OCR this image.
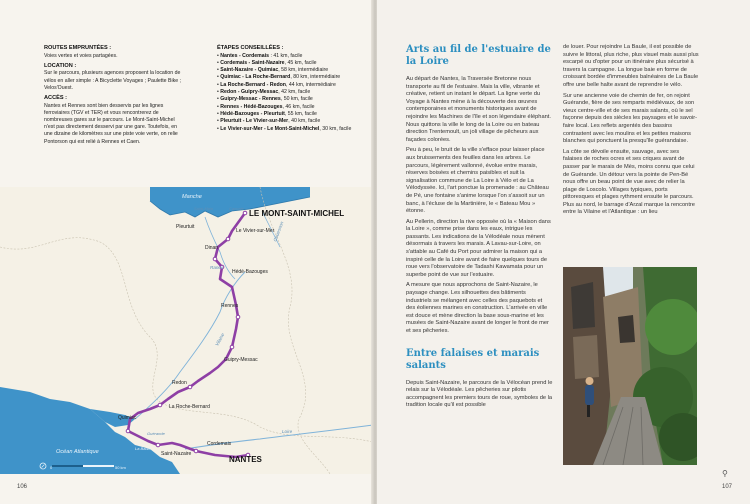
ROUTES EMPRUNTÉES :

Voies vertes et voies partagées.

LOCATION :

Sur le parcours, plusieurs agences proposent la location de vélos en aller simple : A Bicyclette Voyages ; Paulette Bike ; Velos'Ouest.

ACCÈS :

Nantes et Rennes sont bien desservis par les lignes ferroviaires (TGV et TER) et vous rencontrerez de nombreuses gares sur le parcours. Le Mont-Saint-Michel n'est pas directement desservi par une gare. Toutefois, en une dizaine de kilomètres sur une piste voie verte, on relie Pontorson qui est relié à Rennes et Caen.

ÉTAPES CONSEILLÉES :
• Nantes - Cordemais : 41 km, facile
• Cordemais - Saint-Nazaire, 45 km, facile
• Saint-Nazaire - Quimiac, 58 km, intermédiaire
• Quimiac - La Roche-Bernard, 80 km, intermédiaire
• La Roche-Bernard - Redon, 44 km, intermédiaire
• Redon - Guipry-Messac, 42 km, facile
• Guipry-Messac - Rennes, 50 km, facile
• Rennes - Hédé-Bazouges, 46 km, facile
• Hédé-Bazouges - Pleurtuit, 55 km, facile
• Pleurtuit - Le Vivier-sur-Mer, 40 km, facile
• Le Vivier-sur-Mer - Le Mont-Saint-Michel, 30 km, facile
Manche
Saint-Malo	Cancale
LE MONT-SAINT-MICHEL
Le Vivier-sur-Mer
Pleurtuit
Dinan
Rance
Couesnon
Hédé-Bazouges
Rennes
Vilaine
Guipry-Messac
Redon
La Roche-Bernard
Quimiac
Guérande
La Baule
Saint-Nazaire
Cordemais
Loire
NANTES
Océan Atlantique
0	50 km
106
Arts au fil de l'estuaire de la Loire

Au départ de Nantes, la Traversée Bretonne nous transporte au fil de l'estuaire. Mais la ville, vibrante et créative, retient un instant le départ. La ligne verte du Voyage à Nantes mène à la découverte des œuvres contemporaines et monuments historiques avant de rejoindre les Machines de l'île et son légendaire éléphant. Nous quittons la ville le long de la Loire ou en bateau direction Trentemoult, un joli village de pêcheurs aux façades colorées.

Peu à peu, le bruit de la ville s'efface pour laisser place aux bruissements des feuilles dans les arbres. Le parcours, légèrement vallonné, évolue entre marais, réserves boisées et chemins paisibles et suit la signalisation commune de La Loire à Vélo et de La Vélodyssée. Ici, l'art ponctue la promenade : au Château de Pé, une fontaine s'anime lorsque l'on s'assoit sur un banc, à l'écluse de la Martinière, le « Bateau Mou » étonne.

Au Pellerin, direction la rive opposée où la « Maison dans la Loire », comme prise dans les eaux, intrigue les passants. Les indications de la Vélodéale nous mènent désormais à travers les marais. A Lavau-sur-Loire, on s'attable au Café du Port pour admirer la maison qui a inspiré celle de la Loire avant de faire quelques tours de roue vers l'observatoire de Tadashi Kawamata pour un superbe point de vue sur l'estuaire.

A mesure que nous approchons de Saint-Nazaire, le paysage change. Les silhouettes des bâtiments industriels se mélangent avec celles des paquebots et des éoliennes marines en construction. L'arrivée en ville est douce et mène direction la base sous-marine et les musées de Saint-Nazaire avant de longer le front de mer et ses pêcheries.

Entre falaises et marais salants

Depuis Saint-Nazaire, le parcours de la Vélocéan prend le relais sur la Vélodéale. Les pêcheries sur pilotis accompagnent les premiers tours de roue, symboles de la tradition locale qu'il est possible

de louer. Pour rejoindre La Baule, il est possible de suivre le littoral, plus riche, plus visuel mais aussi plus escarpé ou d'opter pour un itinéraire plus sécurisé à travers la campagne. La longue baie en forme de croissant bordée d'immeubles balnéaires de La Baule offre une belle halte avant de reprendre le vélo.

Sur une ancienne voie de chemin de fer, on rejoint Guérande, fière de ses remparts médiévaux, de son vieux centre-ville et de ses marais salants, où le sel façonne depuis des siècles les paysages et le savoir-faire local. Les reflets argentés des bassins contrastent avec les moulins et les petites maisons blanches qui ponctuent la presqu'île guérandaise.

La côte se dévoile ensuite, sauvage, avec ses falaises de roches ocres et ses criques avant de passer par le marais de Mès, moins connu que celui de Guérande. Un détour vers la pointe de Pen-Bé nous offre un beau point de vue avec de relier la plage de Loscolo. Villages typiques, ports pittoresques et plages rythment ensuite le parcours. Plus au nord, le barrage d'Arzal marque la rencontre entre la Vilaine et l'Atlantique : un lieu

107
⚲
